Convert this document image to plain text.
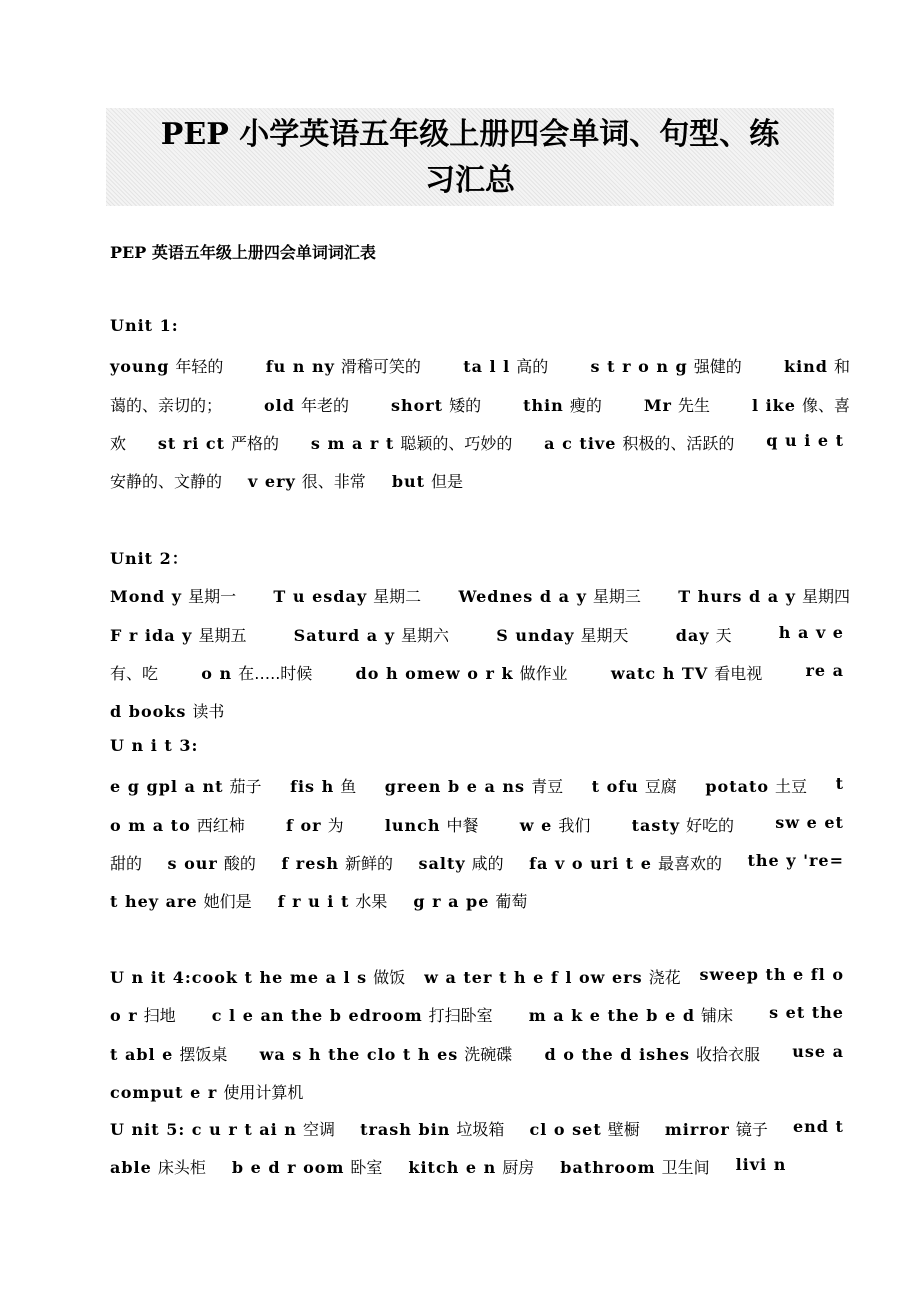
PEP 小学英语五年级上册四会单词、句型、练
习汇总
PEP 英语五年级上册四会单词词汇表
Unit 1:
young 年轻的	fu n ny 滑稽可笑的	ta l l 高的	s t r o n g 强健的	kind 和
蔼的、亲切的；	old 年老的	short 矮的	thin 瘦的	Mr 先生	l ike 像、喜
欢 st ri ct 严格的 s m a r t 聪颖的、巧妙的 a c tive 积极的、活跃的 q u i e t
安静的、文静的 v ery 很、非常 but 但是
Unit 2：
Mond y 星期一 T u esday 星期二 Wednes d a y 星期三 T hurs d a y 星期四
F r ida y 星期五	Saturd a y 星期六	S unday 星期天	day 天	h a v e
有、吃	o n 在…..时候	do h omew o r k 做作业	watc h TV 看电视	re a
d books 读书
U n i t 3:
e g gpl a nt 茄子 fis h 鱼 green b e a ns 青豆 t ofu 豆腐 potato 土豆 t
o m a to 西红柿	f or 为	lunch 中餐	w e 我们	tasty 好吃的	sw e et
甜的 s our 酸的 f resh 新鲜的 salty 咸的 fa v o uri t e 最喜欢的 the y 're=
t hey are 她们是 f r u i t 水果 g r a pe 葡萄
U n it 4:cook t he me a l s 做饭 w a ter t h e f l ow ers 浇花 sweep th e fl o
o r 扫地 c l e an the b edroom 打扫卧室 m a k e the b e d 铺床 s et the
t abl e 摆饭桌 wa s h the clo t h es 洗碗碟 d o the d ishes 收拾衣服 use a
comput e r 使用计算机
U nit 5: c u r t ai n 空调 trash bin 垃圾箱 cl o set 壁橱 mirror 镜子 end t
able 床头柜 b e d r oom 卧室 kitch e n 厨房 bathroom 卫生间 livi n
